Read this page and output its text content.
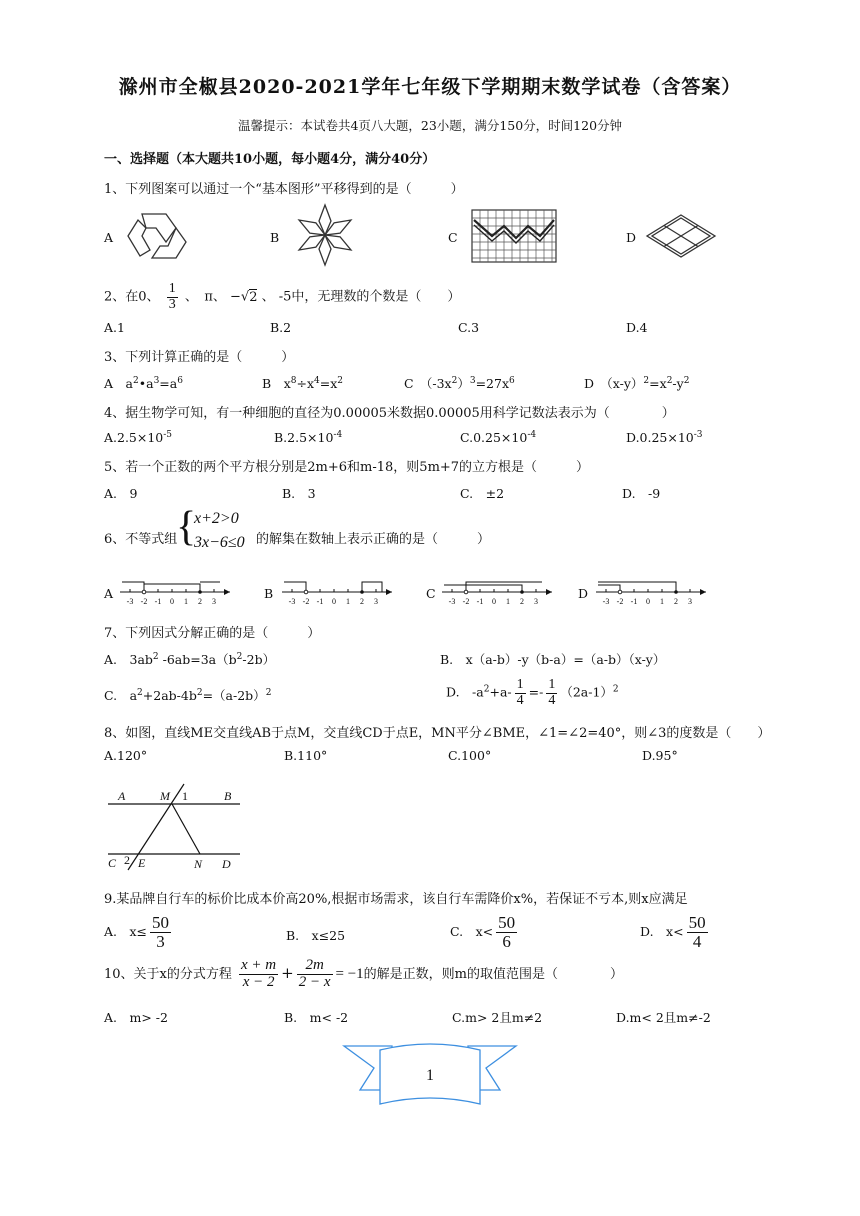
滁州市全椒县2020-2021学年七年级下学期期末数学试卷（含答案）
温馨提示：本试卷共4页八大题，23小题，满分150分，时间120分钟
一、选择题（本大题共10小题，每小题4分，满分40分）
1、下列图案可以通过一个“基本图形”平移得到的是（　　　）
A	B	C	D
2、在0、 $\frac{1}{3}$ 、　π、 −√2 、 -5中，无理数的个数是（　　）
A.1	B.2	C.3	D.4
3、下列计算正确的是（　　　）
A　 $a^2•a^3=a^6$	B　 $x^8\div x^4=x^2$	C　 $(-3x^2)^3=27x^6$	D　 $(x-y)^2=x^2-y^2$
4、据生物学可知，有一种细胞的直径为0.00005米数据0.00005用科学记数法表示为（　　　　）
$A.2.5\times 10^{-5}$	$B.2.5\times 10^{-4}$	$C.0.25\times 10^{-4}$	$D.0.25\times 10^{-3}$
5、若一个正数的两个平方根分别是2m+6和m-18，则5m+7的立方根是（　　　）
A.　9	B.　3	C.　±2	D.　-9
6、不等式组
{
x+2>0
3x−6≤0 的解集在数轴上表示正确的是（　　　）
A
-3 -2 -1 0 1 2 3
B
-3 -2 -1 0 1 2 3
C
-3 -2 -1 0 1 2 3
D
-3 -2 -1 0 1 2 3
7、下列因式分解正确的是（　　　）
A.　$3ab^2$ $-6ab=3a(b^2-2b)$	B.　x（a-b）-y（b-a）=（a-b）（x-y）
C.　$a^2+2ab-4b^2=(a-2b)^2$	D.　$-a^2+a- \frac{1}{4} =- \frac{1}{4} (2a-1)^2$
8、如图，直线ME交直线AB于点M，交直线CD于点E，MN平分∠BME，∠1=∠2=40°，则∠3的度数是（　　）
A.120°	B.110°	C.100°	D.95°
A	M 1	B
C 2 E	N D
9.某品牌自行车的标价比成本价高20%,根据市场需求，该自行车需降价x%，若保证不亏本,则x应满足
A.　$x\le \frac{50}{3}$	B.　x≤25	C.　$x< \frac{50}{6}$	D.　$x< \frac{50}{4}$
10、关于x的分式方程 $\frac{x + m}{x - 2} + \frac{2m}{2 - x} = -1$的解是正数，则m的取值范围是（　　　　）
A.　m> -2	B.　m< -2	C.m> 2且m≠2	D.m< 2且m≠-2
1
